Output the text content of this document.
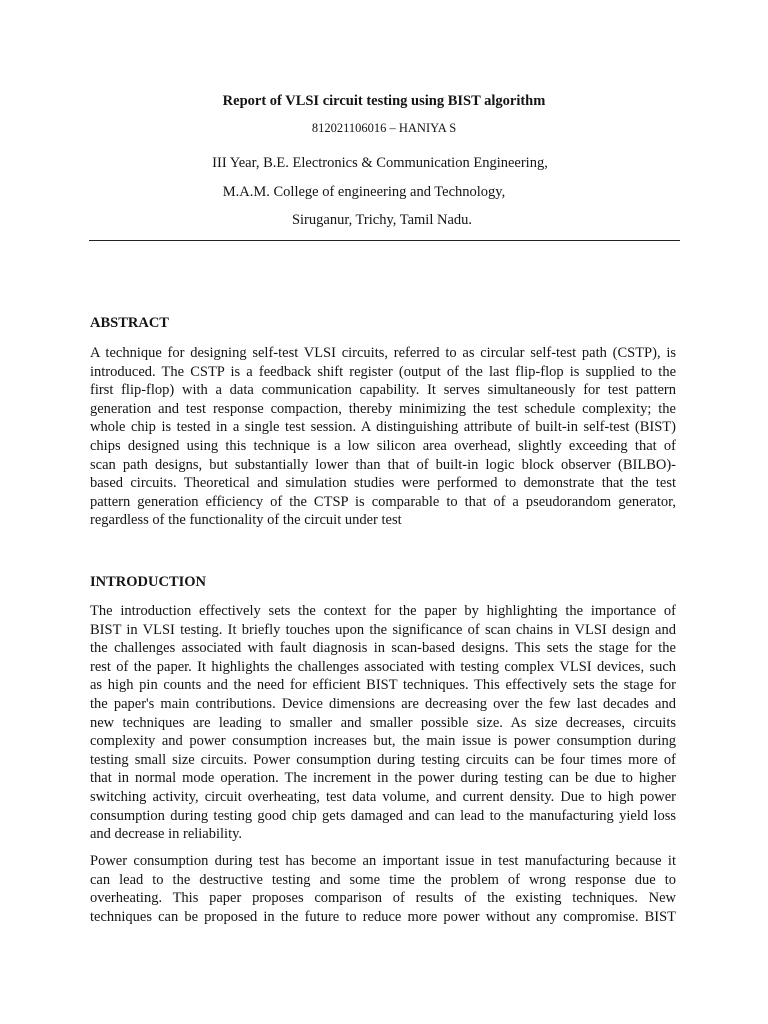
Report of VLSI circuit testing using BIST algorithm
812021106016 – HANIYA S
III Year, B.E. Electronics & Communication Engineering,
M.A.M. College of engineering and Technology,
Siruganur, Trichy, Tamil Nadu.
ABSTRACT
A technique for designing self-test VLSI circuits, referred to as circular self-test path (CSTP), is
introduced. The CSTP is a feedback shift register (output of the last flip-flop is supplied to the
first flip-flop) with a data communication capability. It serves simultaneously for test pattern
generation and test response compaction, thereby minimizing the test schedule complexity; the
whole chip is tested in a single test session. A distinguishing attribute of built-in self-test (BIST)
chips designed using this technique is a low silicon area overhead, slightly exceeding that of
scan path designs, but substantially lower than that of built-in logic block observer (BILBO)-
based circuits. Theoretical and simulation studies were performed to demonstrate that the test
pattern generation efficiency of the CTSP is comparable to that of a pseudorandom generator,
regardless of the functionality of the circuit under test
INTRODUCTION
The introduction effectively sets the context for the paper by highlighting the importance of
BIST in VLSI testing. It briefly touches upon the significance of scan chains in VLSI design and
the challenges associated with fault diagnosis in scan-based designs. This sets the stage for the
rest of the paper. It highlights the challenges associated with testing complex VLSI devices, such
as high pin counts and the need for efficient BIST techniques. This effectively sets the stage for
the paper's main contributions. Device dimensions are decreasing over the few last decades and
new techniques are leading to smaller and smaller possible size. As size decreases, circuits
complexity and power consumption increases but, the main issue is power consumption during
testing small size circuits. Power consumption during testing circuits can be four times more of
that in normal mode operation. The increment in the power during testing can be due to higher
switching activity, circuit overheating, test data volume, and current density. Due to high power
consumption during testing good chip gets damaged and can lead to the manufacturing yield loss
and decrease in reliability.
Power consumption during test has become an important issue in test manufacturing because it
can lead to the destructive testing and some time the problem of wrong response due to
overheating. This paper proposes comparison of results of the existing techniques. New
techniques can be proposed in the future to reduce more power without any compromise. BIST
